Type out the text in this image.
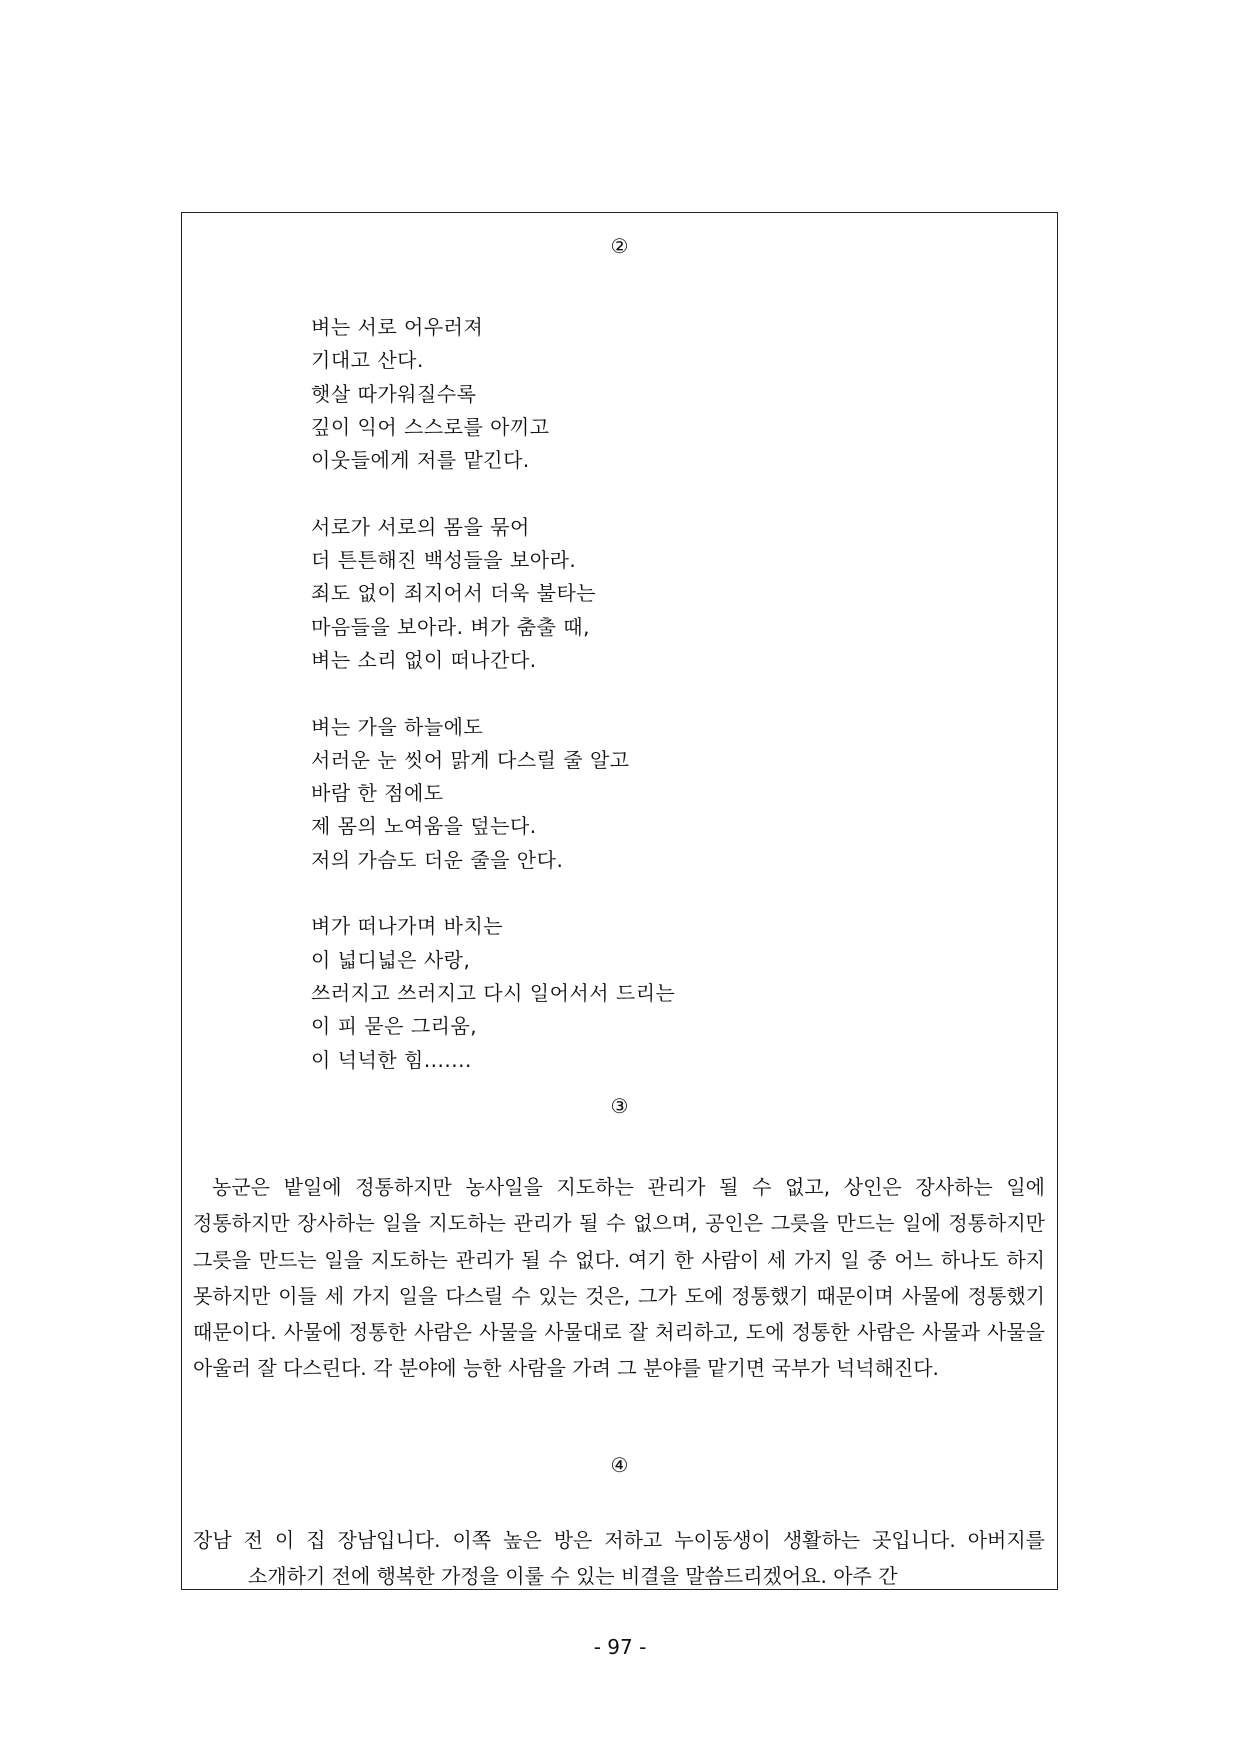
②
벼는 서로 어우러져
기대고 산다.
햇살 따가워질수록
깊이 익어 스스로를 아끼고
이웃들에게 저를 맡긴다.
서로가 서로의 몸을 묶어
더 튼튼해진 백성들을 보아라.
죄도 없이 죄지어서 더욱 불타는
마음들을 보아라. 벼가 춤출 때,
벼는 소리 없이 떠나간다.
벼는 가을 하늘에도
서러운 눈 씻어 맑게 다스릴 줄 알고
바람 한 점에도
제 몸의 노여움을 덮는다.
저의 가슴도 더운 줄을 안다.
벼가 떠나가며 바치는
이 넓디넓은 사랑,
쓰러지고 쓰러지고 다시 일어서서 드리는
이 피 묻은 그리움,
이 넉넉한 힘.......
③

농군은 밭일에 정통하지만 농사일을 지도하는 관리가 될 수 없고, 상인은 장사하는 일에 정통하지만 장사하는 일을 지도하는 관리가 될 수 없으며, 공인은 그릇을 만드는 일에 정통하지만 그릇을 만드는 일을 지도하는 관리가 될 수 없다. 여기 한 사람이 세 가지 일 중 어느 하나도 하지 못하지만 이들 세 가지 일을 다스릴 수 있는 것은, 그가 도에 정통했기 때문이며 사물에 정통했기 때문이다. 사물에 정통한 사람은 사물을 사물대로 잘 처리하고, 도에 정통한 사람은 사물과 사물을 아울러 잘 다스린다. 각 분야에 능한 사람을 가려 그 분야를 맡기면 국부가 넉넉해진다.

④

장남 전 이 집 장남입니다. 이쪽 높은 방은 저하고 누이동생이 생활하는 곳입니다. 아버지를 소개하기 전에 행복한 가정을 이룰 수 있는 비결을 말씀드리겠어요. 아주 간

- 97 -
